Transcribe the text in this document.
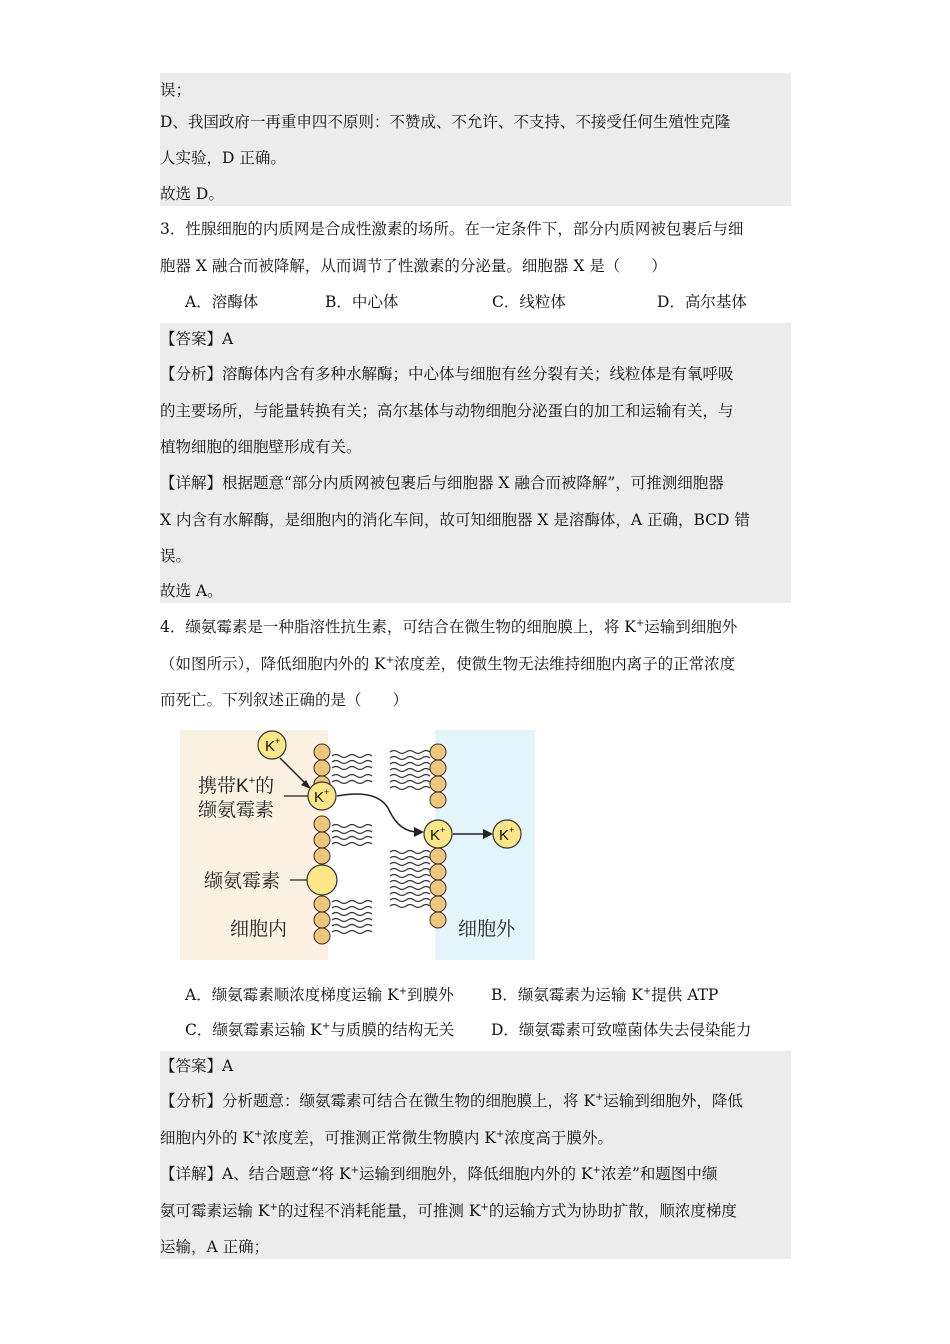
误；
D、我国政府一再重申四不原则：不赞成、不允许、不支持、不接受任何生殖性克隆
人实验，D 正确。
故选 D。
3．性腺细胞的内质网是合成性激素的场所。在一定条件下，部分内质网被包裹后与细
胞器 X 融合而被降解，从而调节了性激素的分泌量。细胞器 X 是（　　）
A．溶酶体	B．中心体	C．线粒体	D．高尔基体
【答案】A
【分析】溶酶体内含有多种水解酶；中心体与细胞有丝分裂有关；线粒体是有氧呼吸
的主要场所，与能量转换有关；高尔基体与动物细胞分泌蛋白的加工和运输有关，与
植物细胞的细胞壁形成有关。
【详解】根据题意“部分内质网被包裹后与细胞器 X 融合而被降解”，可推测细胞器
X 内含有水解酶，是细胞内的消化车间，故可知细胞器 X 是溶酶体，A 正确，BCD 错
误。
故选 A。
4．缬氨霉素是一种脂溶性抗生素，可结合在微生物的细胞膜上，将 K+运输到细胞外
（如图所示），降低细胞内外的 K+浓度差，使微生物无法维持细胞内离子的正常浓度
而死亡。下列叙述正确的是（　　）
A．缬氨霉素顺浓度梯度运输 K+到膜外 B．缬氨霉素为运输 K+提供 ATP
C．缬氨霉素运输 K+与质膜的结构无关 D．缬氨霉素可致噬菌体失去侵染能力
【答案】A
【分析】分析题意：缬氨霉素可结合在微生物的细胞膜上，将 K+运输到细胞外，降低
细胞内外的 K+浓度差，可推测正常微生物膜内 K+浓度高于膜外。
【详解】A、结合题意“将 K+运输到细胞外，降低细胞内外的 K+浓差”和题图中缬
氨可霉素运输 K+的过程不消耗能量，可推测 K+的运输方式为协助扩散，顺浓度梯度
运输，A 正确；
K+
K+
K+	K+
携带K+的
缬氨霉素
缬氨霉素
细胞内	细胞外
